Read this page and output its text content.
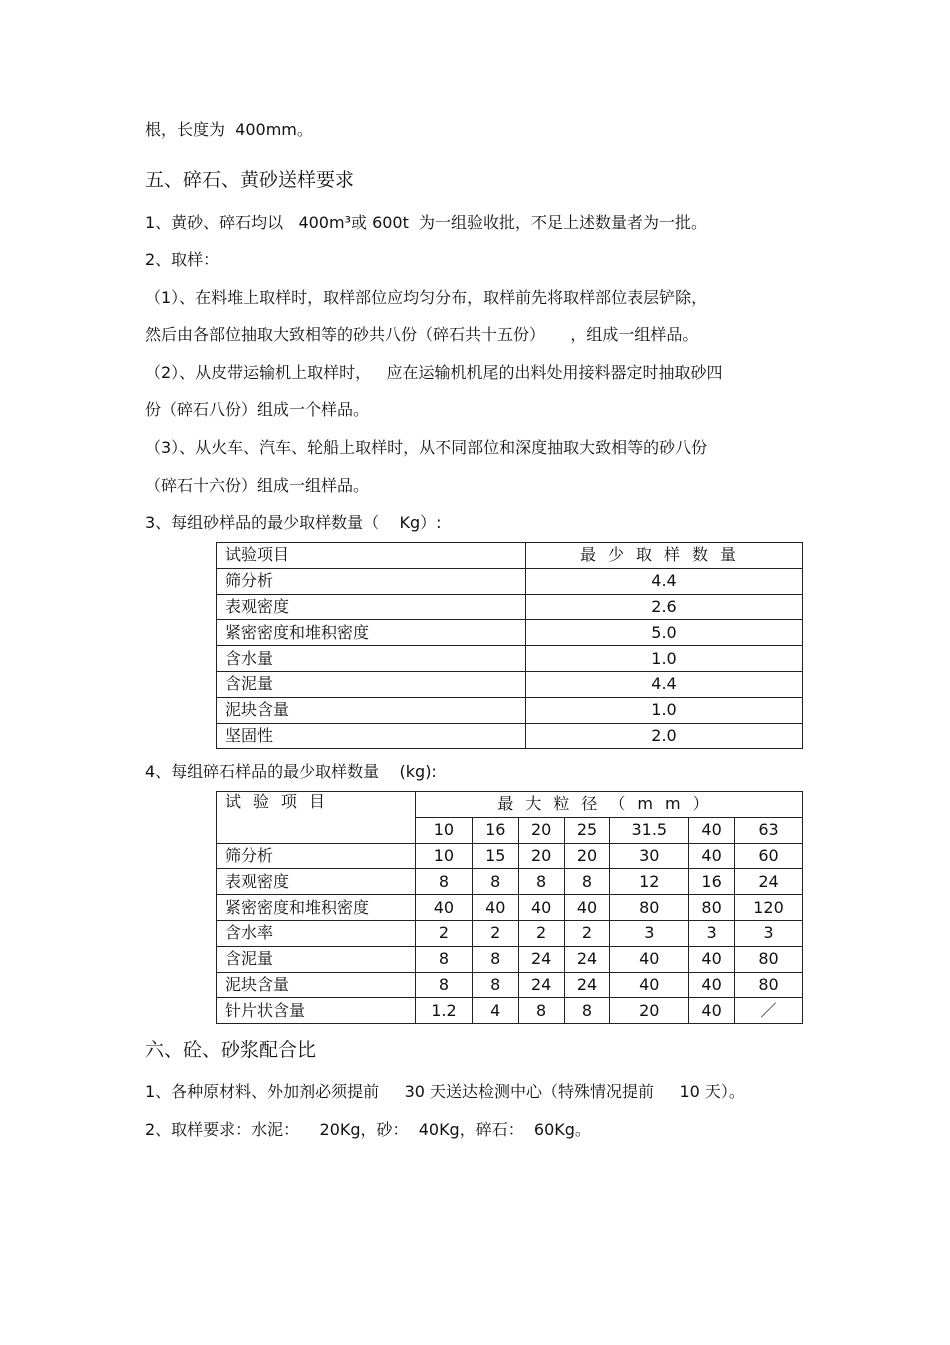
根，长度为  400mm。
五、碎石、黄砂送样要求
1、黄砂、碎石均以   400m³或 600t  为一组验收批，不足上述数量者为一批。
2、取样：
（1）、在料堆上取样时，取样部位应均匀分布，取样前先将取样部位表层铲除，
然后由各部位抽取大致相等的砂共八份（碎石共十五份）     ，组成一组样品。
（2）、从皮带运输机上取样时，   应在运输机机尾的出料处用接料器定时抽取砂四
份（碎石八份）组成一个样品。
（3）、从火车、汽车、轮船上取样时，从不同部位和深度抽取大致相等的砂八份
（碎石十六份）组成一组样品。
3、每组砂样品的最少取样数量（    Kg）:
试验项目	最少取样数量
筛分析	4.4
表观密度	2.6
紧密密度和堆积密度	5.0
含水量	1.0
含泥量	4.4
泥块含量	1.0
坚固性	2.0
4、每组碎石样品的最少取样数量    (kg):
试验项目	最大粒径（mm）						
	10	16	20	25	31.5	40	63
筛分析	10	15	20	20	30	40	60
表观密度	8	8	8	8	12	16	24
紧密密度和堆积密度	40	40	40	40	80	80	120
含水率	2	2	2	2	3	3	3
含泥量	8	8	24	24	40	40	80
泥块含量	8	8	24	24	40	40	80
针片状含量	1.2	4	8	8	20	40	／
六、砼、砂浆配合比
1、各种原材料、外加剂必须提前     30 天送达检测中心（特殊情况提前     10 天）。
2、取样要求：水泥：    20Kg，砂：  40Kg，碎石：  60Kg。
